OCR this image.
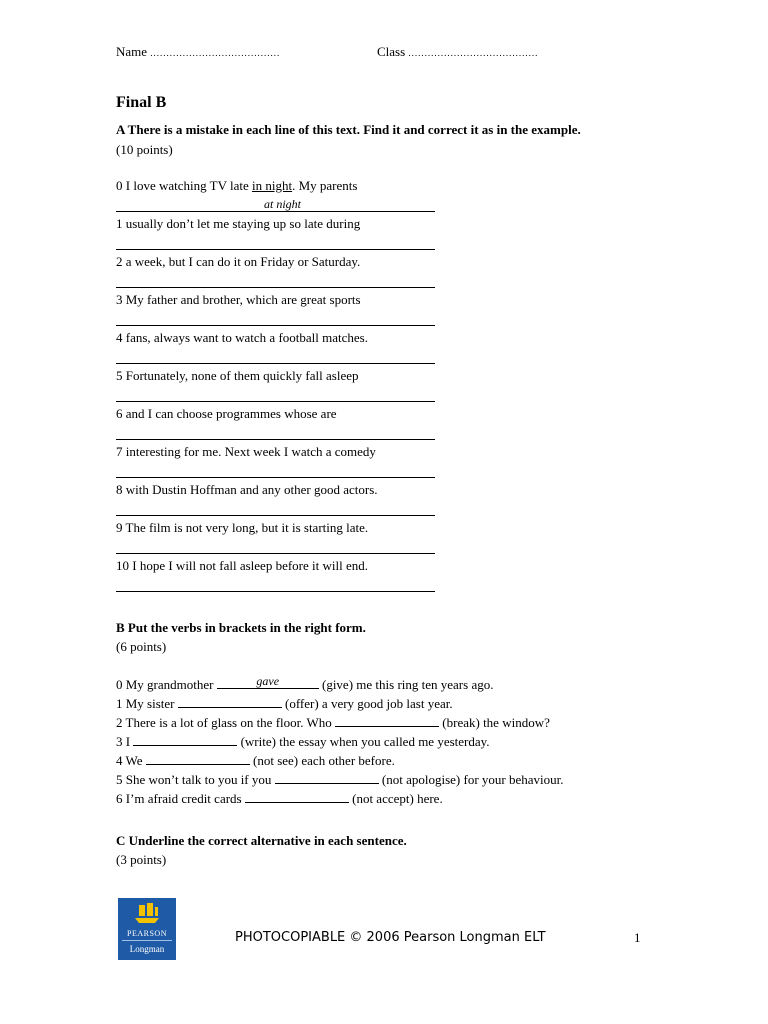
Name ........................................	Class ........................................
Final B
A There is a mistake in each line of this text. Find it and correct it as in the example.
(10 points)
0 I love watching TV late in night. My parents
at night
1 usually don’t let me staying up so late during
2 a week, but I can do it on Friday or Saturday.
3 My father and brother, which are great sports
4 fans, always want to watch a football matches.
5 Fortunately, none of them quickly fall asleep
6 and I can choose programmes whose are
7 interesting for me. Next week I watch a comedy
8 with Dustin Hoffman and any other good actors.
9 The film is not very long, but it is starting late.
10 I hope I will not fall asleep before it will end.
B Put the verbs in brackets in the right form.
(6 points)
0 My grandmother	gave	(give) me this ring ten years ago.
1 My sister	(offer) a very good job last year.
2 There is a lot of glass on the floor. Who	(break) the window?
3 I	(write) the essay when you called me yesterday.
4 We	(not see) each other before.
5 She won’t talk to you if you	(not apologise) for your behaviour.
6 I’m afraid credit cards	(not accept) here.
C Underline the correct alternative in each sentence.
(3 points)
PEARSON
Longman
PHOTOCOPIABLE © 2006 Pearson Longman ELT	1
